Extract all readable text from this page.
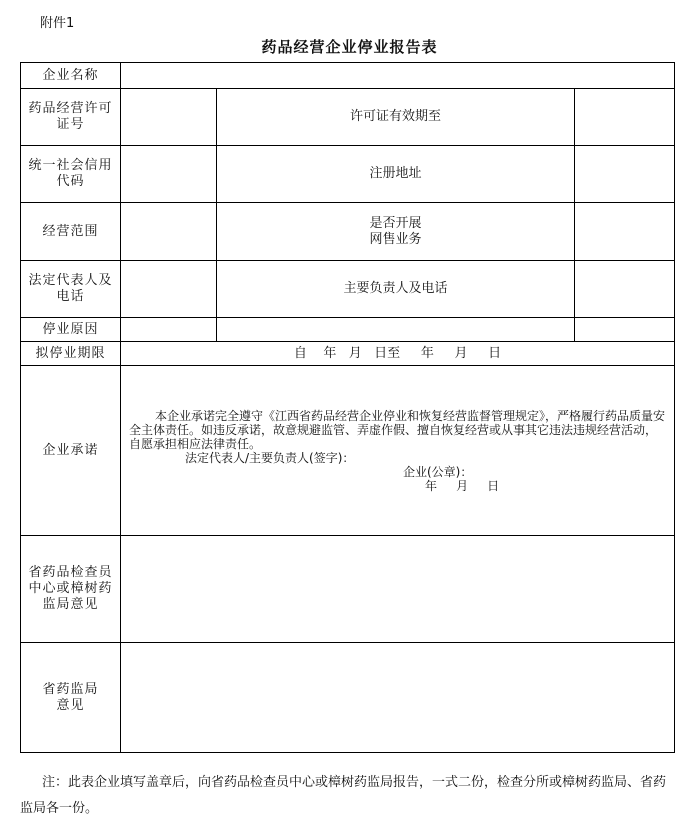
附件1
药品经营企业停业报告表
企业名称			
药品经营许可证号		许可证有效期至	
统一社会信用代码		注册地址	
经营范围		是否开展网售业务	

法定代表人及电话		主要负责人及电话	
停业原因			
拟停业期限	自    年   月   日至     年     月     日		
企业承诺	本企业承诺完全遵守《江西省药品经营企业停业和恢复经营监督管理规定》，严格履行药品质量安全主体责任。如违反承诺，故意规避监管、弄虚作假、擅自恢复经营或从事其它违法违规经营活动，自愿承担相应法律责任。
法定代表人/主要负责人(签字)：
企业(公章)：
年     月     日		

省药品检查员中心或樟树药监局意见			

省药监局意见			

注：此表企业填写盖章后，向省药品检查员中心或樟树药监局报告，一式二份，检查分所或樟树药监局、省药监局各一份。
